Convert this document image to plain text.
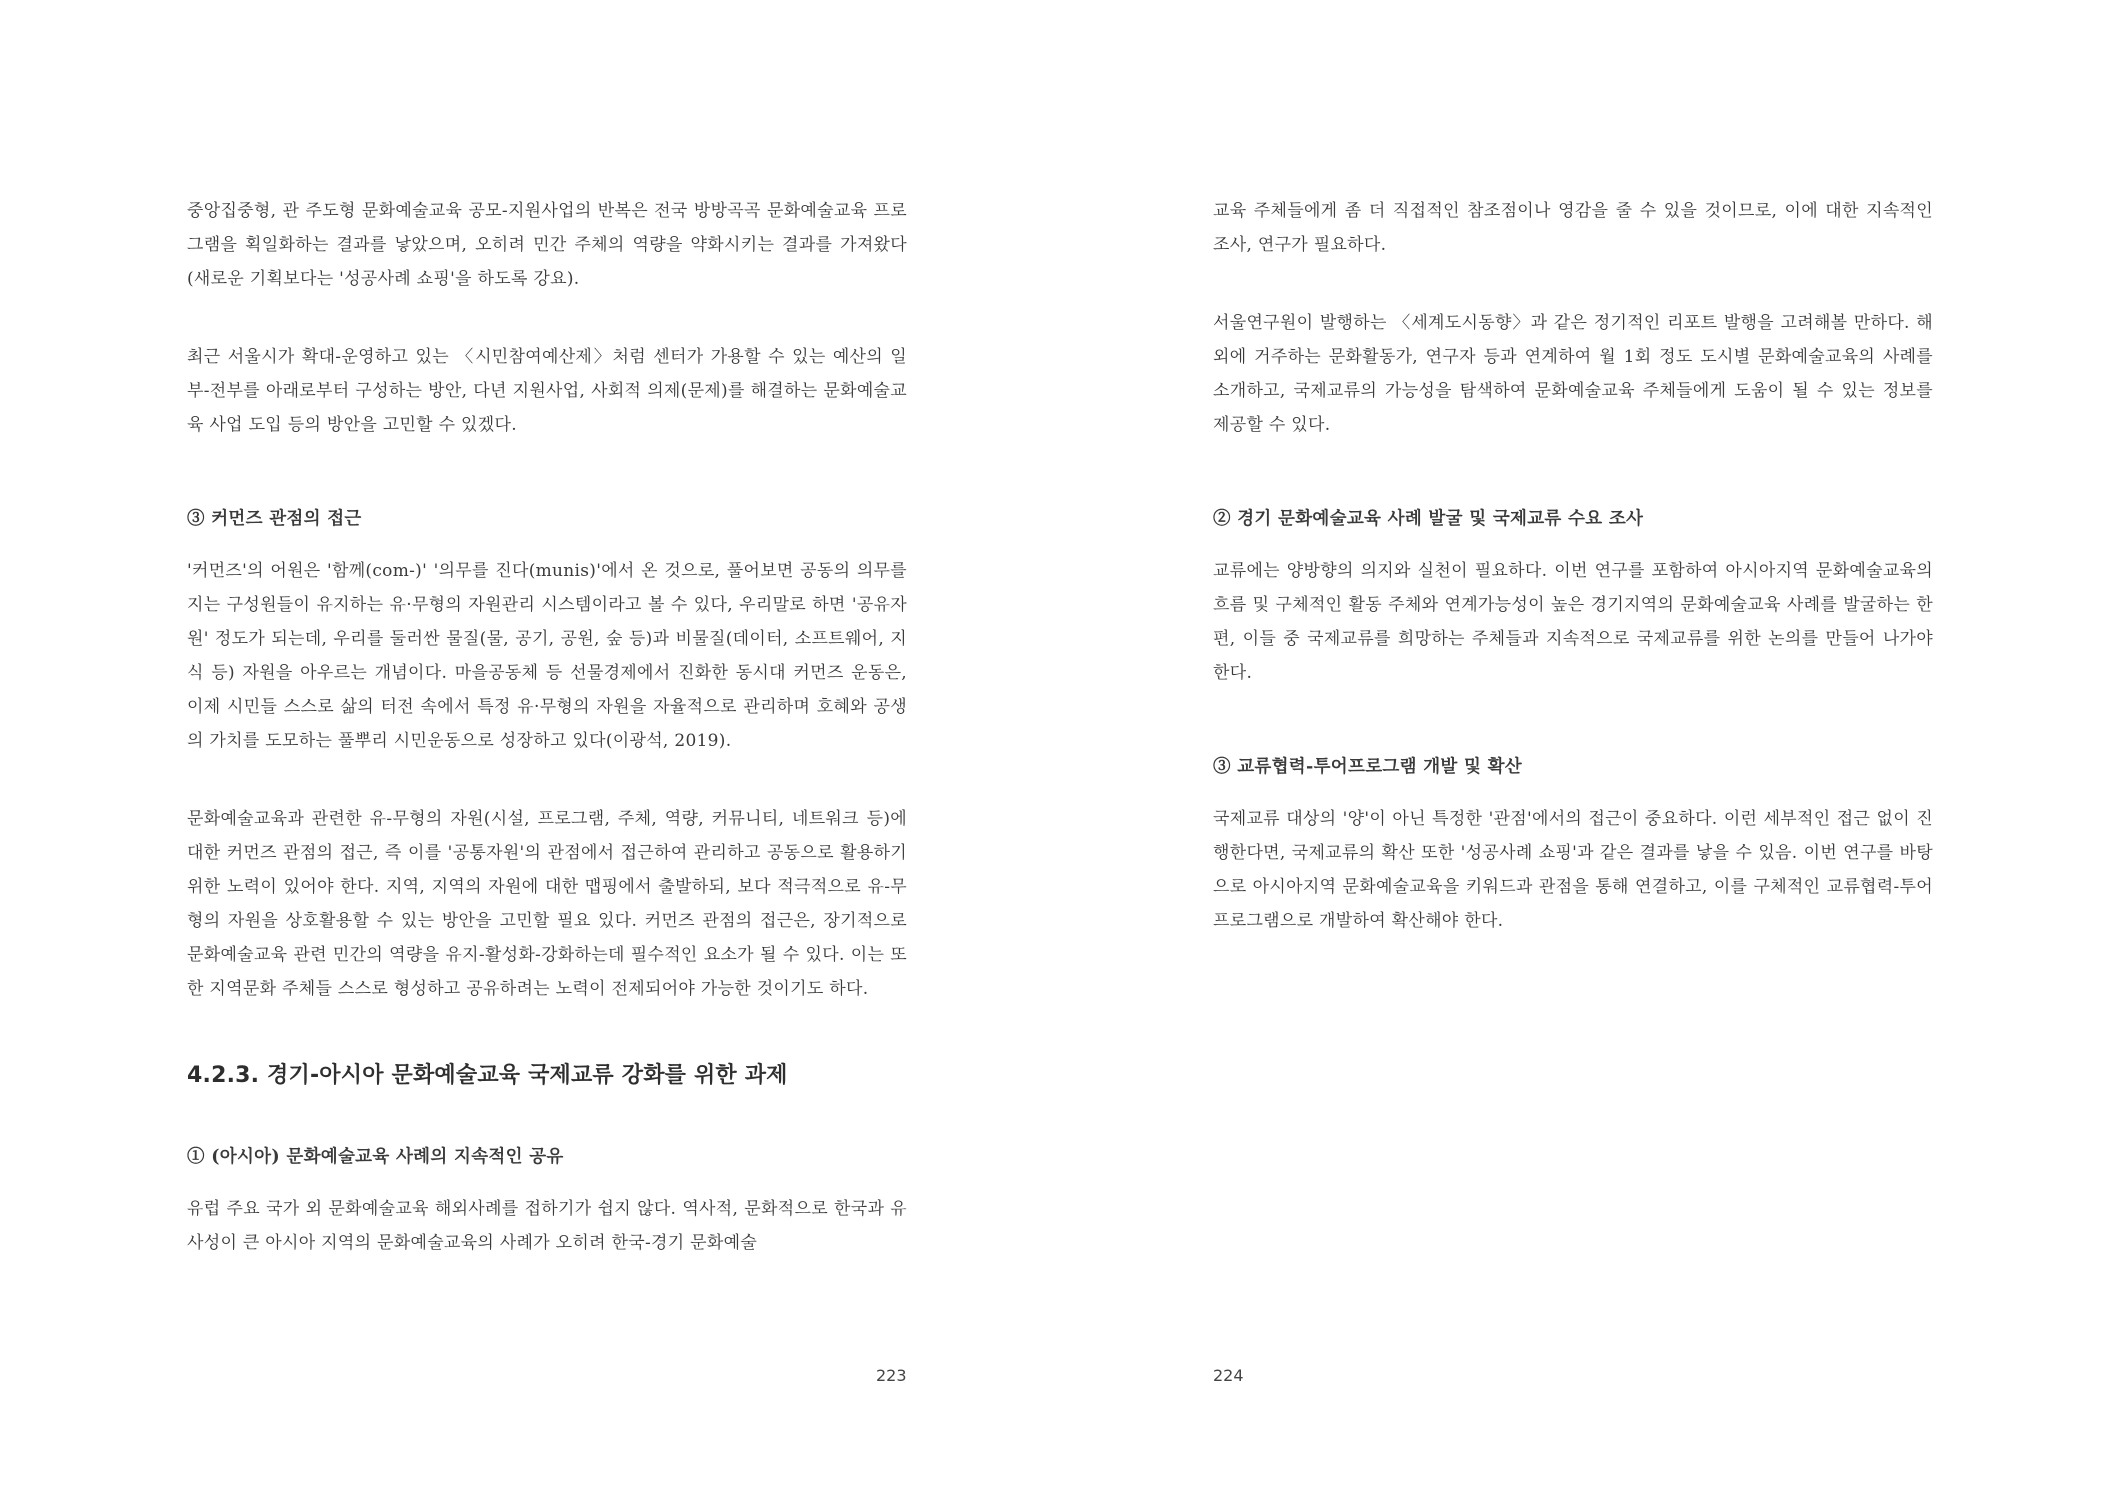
중앙집중형, 관 주도형 문화예술교육 공모-지원사업의 반복은 전국 방방곡곡 문화예술교육 프로그램을 획일화하는 결과를 낳았으며, 오히려 민간 주체의 역량을 약화시키는 결과를 가져왔다(새로운 기획보다는 '성공사례 쇼핑'을 하도록 강요).

최근 서울시가 확대-운영하고 있는 〈시민참여예산제〉처럼 센터가 가용할 수 있는 예산의 일부-전부를 아래로부터 구성하는 방안, 다년 지원사업, 사회적 의제(문제)를 해결하는 문화예술교육 사업 도입 등의 방안을 고민할 수 있겠다.

③ 커먼즈 관점의 접근

'커먼즈'의 어원은 '함께(com-)' '의무를 진다(munis)'에서 온 것으로, 풀어보면 공동의 의무를 지는 구성원들이 유지하는 유·무형의 자원관리 시스템이라고 볼 수 있다, 우리말로 하면 '공유자원' 정도가 되는데, 우리를 둘러싼 물질(물, 공기, 공원, 숲 등)과 비물질(데이터, 소프트웨어, 지식 등) 자원을 아우르는 개념이다. 마을공동체 등 선물경제에서 진화한 동시대 커먼즈 운동은, 이제 시민들 스스로 삶의 터전 속에서 특정 유·무형의 자원을 자율적으로 관리하며 호혜와 공생의 가치를 도모하는 풀뿌리 시민운동으로 성장하고 있다(이광석, 2019).

문화예술교육과 관련한 유-무형의 자원(시설, 프로그램, 주체, 역량, 커뮤니티, 네트워크 등)에 대한 커먼즈 관점의 접근, 즉 이를 '공통자원'의 관점에서 접근하여 관리하고 공동으로 활용하기 위한 노력이 있어야 한다. 지역, 지역의 자원에 대한 맵핑에서 출발하되, 보다 적극적으로 유-무형의 자원을 상호활용할 수 있는 방안을 고민할 필요 있다. 커먼즈 관점의 접근은, 장기적으로 문화예술교육 관련 민간의 역량을 유지-활성화-강화하는데 필수적인 요소가 될 수 있다. 이는 또한 지역문화 주체들 스스로 형성하고 공유하려는 노력이 전제되어야 가능한 것이기도 하다.

4.2.3. 경기-아시아 문화예술교육 국제교류 강화를 위한 과제

① (아시아) 문화예술교육 사례의 지속적인 공유

유럽 주요 국가 외 문화예술교육 해외사례를 접하기가 쉽지 않다. 역사적, 문화적으로 한국과 유사성이 큰 아시아 지역의 문화예술교육의 사례가 오히려 한국-경기 문화예술

223

교육 주체들에게 좀 더 직접적인 참조점이나 영감을 줄 수 있을 것이므로, 이에 대한 지속적인 조사, 연구가 필요하다.

서울연구원이 발행하는 〈세계도시동향〉과 같은 정기적인 리포트 발행을 고려해볼 만하다. 해외에 거주하는 문화활동가, 연구자 등과 연계하여 월 1회 정도 도시별 문화예술교육의 사례를 소개하고, 국제교류의 가능성을 탐색하여 문화예술교육 주체들에게 도움이 될 수 있는 정보를 제공할 수 있다.

② 경기 문화예술교육 사례 발굴 및 국제교류 수요 조사

교류에는 양방향의 의지와 실천이 필요하다. 이번 연구를 포함하여 아시아지역 문화예술교육의 흐름 및 구체적인 활동 주체와 연계가능성이 높은 경기지역의 문화예술교육 사례를 발굴하는 한편, 이들 중 국제교류를 희망하는 주체들과 지속적으로 국제교류를 위한 논의를 만들어 나가야 한다.

③ 교류협력-투어프로그램 개발 및 확산

국제교류 대상의 '양'이 아닌 특정한 '관점'에서의 접근이 중요하다. 이런 세부적인 접근 없이 진행한다면, 국제교류의 확산 또한 '성공사례 쇼핑'과 같은 결과를 낳을 수 있음. 이번 연구를 바탕으로 아시아지역 문화예술교육을 키워드과 관점을 통해 연결하고, 이를 구체적인 교류협력-투어프로그램으로 개발하여 확산해야 한다.

224
